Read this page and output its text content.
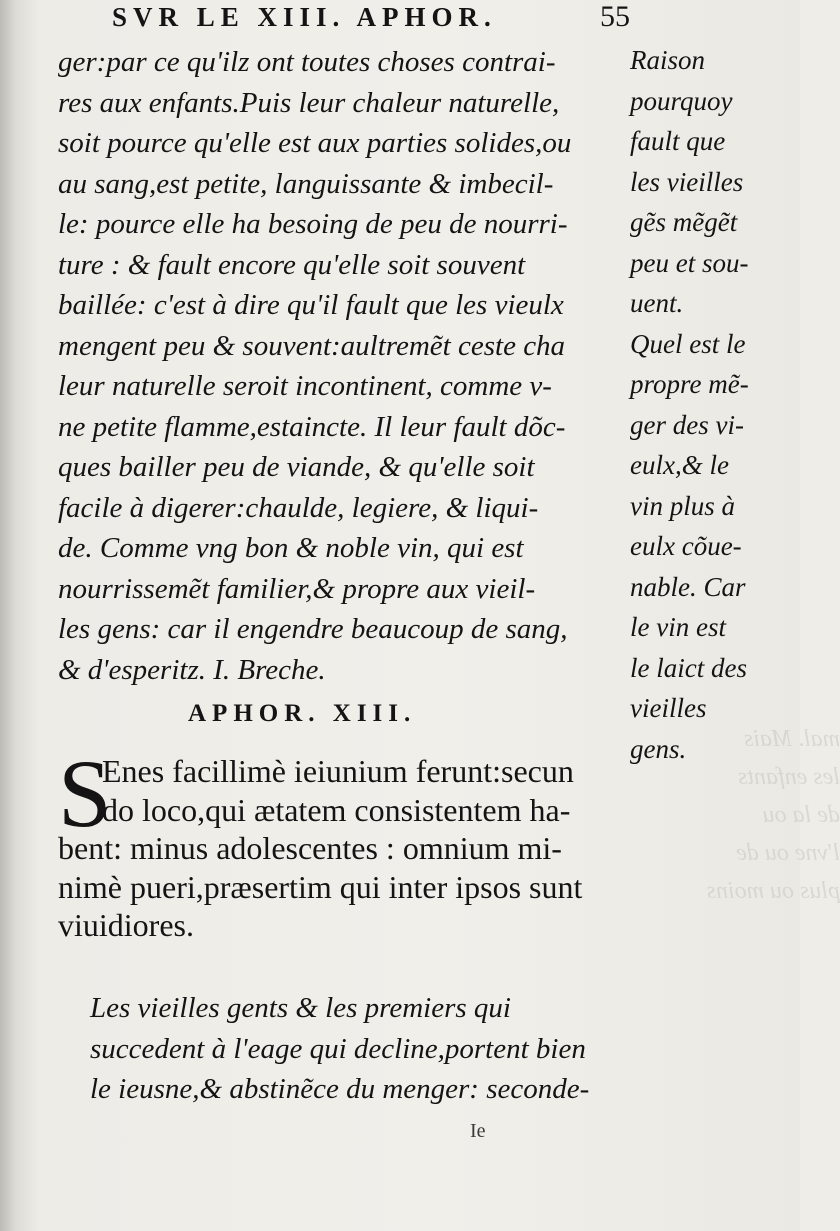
mal. Mais
les enfants
de la ou
l'vne ou de
plus ou moins
SVR LE XIII. APHOR.	55
ger:par ce qu'ilz ont toutes choses contrai-
res aux enfants.Puis leur chaleur naturelle,
soit pource qu'elle est aux parties solides,ou
au sang,est petite, languissante & imbecil-
le: pource elle ha besoing de peu de nourri-
ture : & fault encore qu'elle soit souvent
baillée: c'est à dire qu'il fault que les vieulx
mengent peu & souvent:aultremẽt ceste cha
leur naturelle seroit incontinent, comme v-
ne petite flamme,estaincte. Il leur fault dõc-
ques bailler peu de viande, & qu'elle soit
facile à digerer:chaulde, legiere, & liqui-
de. Comme vng bon & noble vin, qui est
nourrissemẽt familier,& propre aux vieil-
les gens: car il engendre beaucoup de sang,
& d'esperitz. I. Breche.
Raison
pourquoy
fault que
les vieilles
gẽs mẽgẽt
peu et sou-
uent.
Quel est le
propre mẽ-
ger des vi-
eulx,& le
vin plus à
eulx cõue-
nable. Car
le vin est
le laict des
vieilles
gens.
APHOR. XIII.
S
Enes facillimè ieiunium ferunt:secun
do loco,qui ætatem consistentem ha-
bent: minus adolescentes : omnium mi-
nimè pueri,præsertim qui inter ipsos sunt
viuidiores.
Les vieilles gents & les premiers qui
succedent à l'eage qui decline,portent bien
le ieusne,& abstinẽce du menger: seconde-
Ie
